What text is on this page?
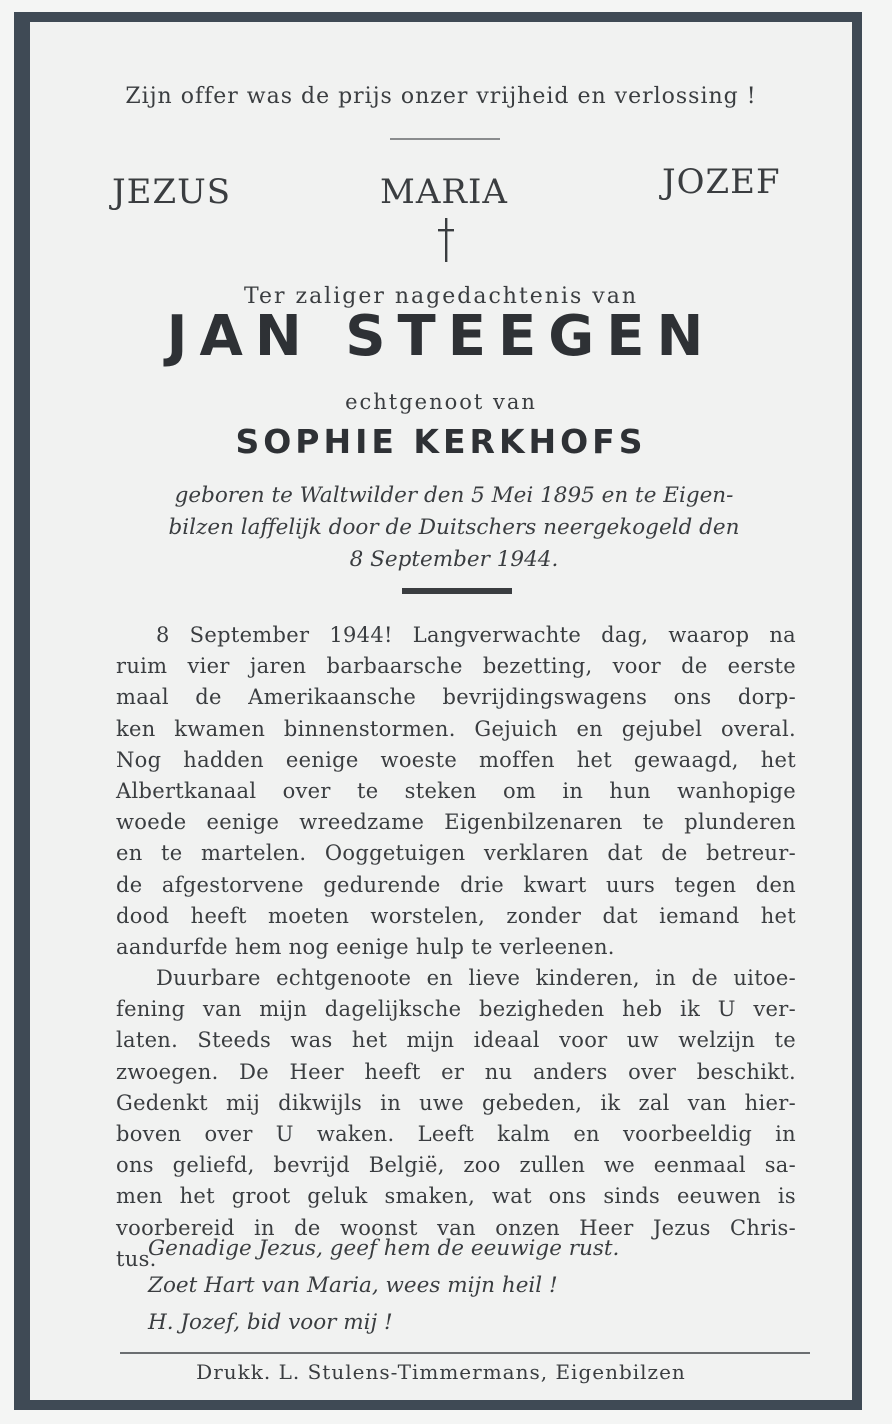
Zijn offer was de prijs onzer vrijheid en verlossing !
JEZUS	MARIA	JOZEF
Ter zaliger nagedachtenis van
JAN STEEGEN
echtgenoot van
SOPHIE KERKHOFS
geboren te Waltwilder den 5 Mei 1895 en te Eigen-
bilzen laffelijk door de Duitschers neergekogeld den
8 September 1944.
8 September 1944! Langverwachte dag, waarop na
ruim vier jaren barbaarsche bezetting, voor de eerste
maal de Amerikaansche bevrijdingswagens ons dorp-
ken kwamen binnenstormen. Gejuich en gejubel overal.
Nog hadden eenige woeste moffen het gewaagd, het
Albertkanaal over te steken om in hun wanhopige
woede eenige wreedzame Eigenbilzenaren te plunderen
en te martelen. Ooggetuigen verklaren dat de betreur-
de afgestorvene gedurende drie kwart uurs tegen den
dood heeft moeten worstelen, zonder dat iemand het
aandurfde hem nog eenige hulp te verleenen.
Duurbare echtgenoote en lieve kinderen, in de uitoe-
fening van mijn dagelijksche bezigheden heb ik U ver-
laten. Steeds was het mijn ideaal voor uw welzijn te
zwoegen. De Heer heeft er nu anders over beschikt.
Gedenkt mij dikwijls in uwe gebeden, ik zal van hier-
boven over U waken. Leeft kalm en voorbeeldig in
ons geliefd, bevrijd België, zoo zullen we eenmaal sa-
men het groot geluk smaken, wat ons sinds eeuwen is
voorbereid in de woonst van onzen Heer Jezus Chris-
tus.
Genadige Jezus, geef hem de eeuwige rust.
Zoet Hart van Maria, wees mijn heil !
H. Jozef, bid voor mij !
Drukk. L. Stulens-Timmermans, Eigenbilzen
